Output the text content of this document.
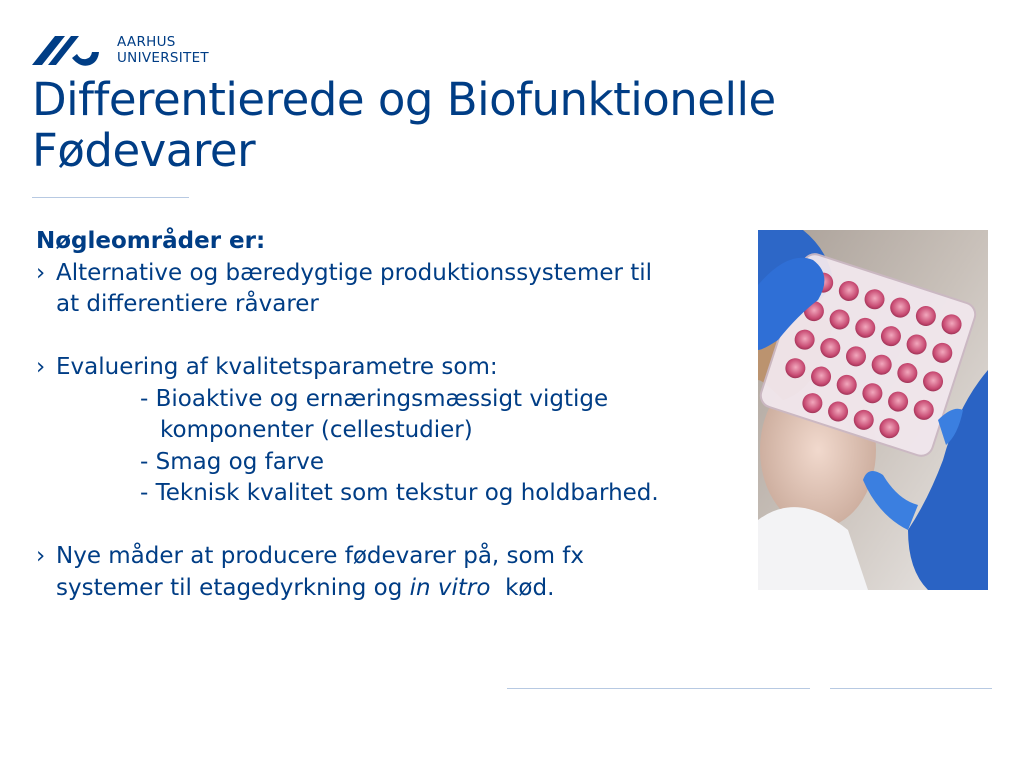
AARHUS
UNIVERSITET
Differentierede og Biofunktionelle
Fødevarer
Nøgleområder er:
› Alternative og bæredygtige produktionssystemer til
at differentiere råvarer
› Evaluering af kvalitetsparametre som:
- Bioaktive og ernæringsmæssigt vigtige
komponenter (cellestudier)
- Smag og farve
- Teknisk kvalitet som tekstur og holdbarhed.
› Nye måder at producere fødevarer på, som fx
systemer til etagedyrkning og in vitro  kød.
